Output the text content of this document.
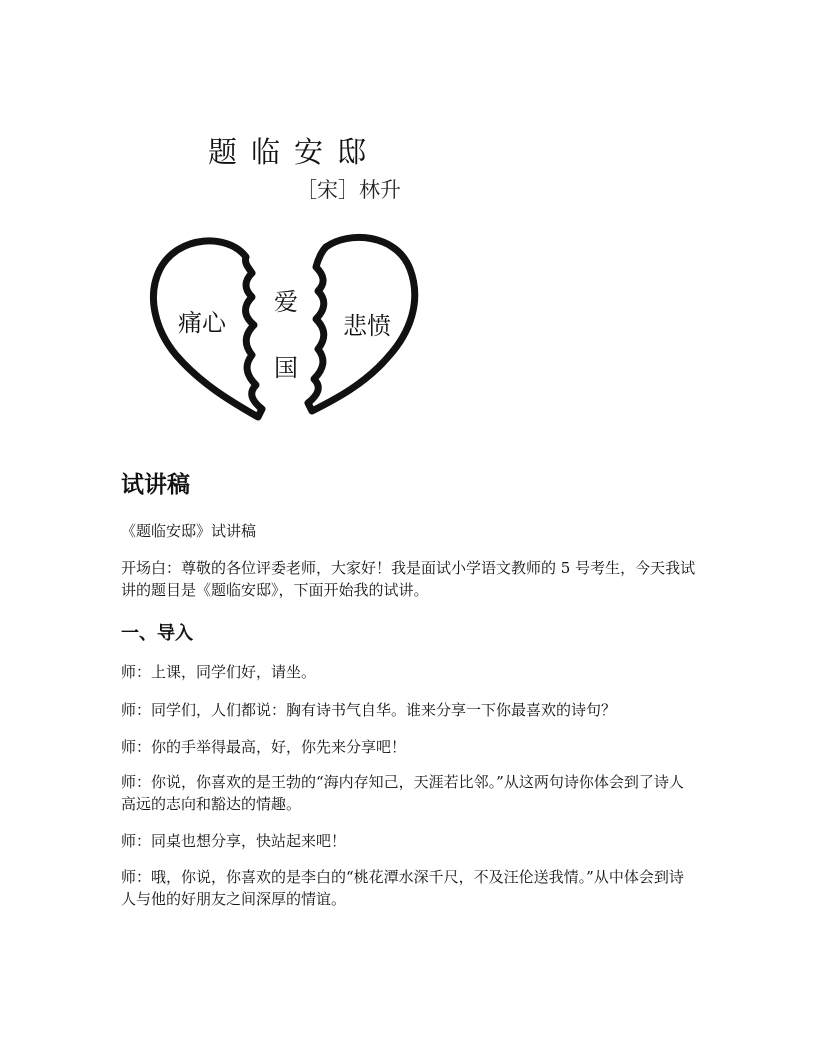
题临安邸
［宋］林升
痛心	悲愤
爱
国
试讲稿
《题临安邸》试讲稿
开场白：尊敬的各位评委老师，大家好！我是面试小学语文教师的 5 号考生，今天我试讲的题目是《题临安邸》，下面开始我的试讲。
一、导入
师：上课，同学们好，请坐。
师：同学们，人们都说：胸有诗书气自华。谁来分享一下你最喜欢的诗句？
师：你的手举得最高，好，你先来分享吧！
师：你说，你喜欢的是王勃的“海内存知己，天涯若比邻。”从这两句诗你体会到了诗人高远的志向和豁达的情趣。
师：同桌也想分享，快站起来吧！
师：哦，你说，你喜欢的是李白的“桃花潭水深千尺，不及汪伦送我情。”从中体会到诗人与他的好朋友之间深厚的情谊。
